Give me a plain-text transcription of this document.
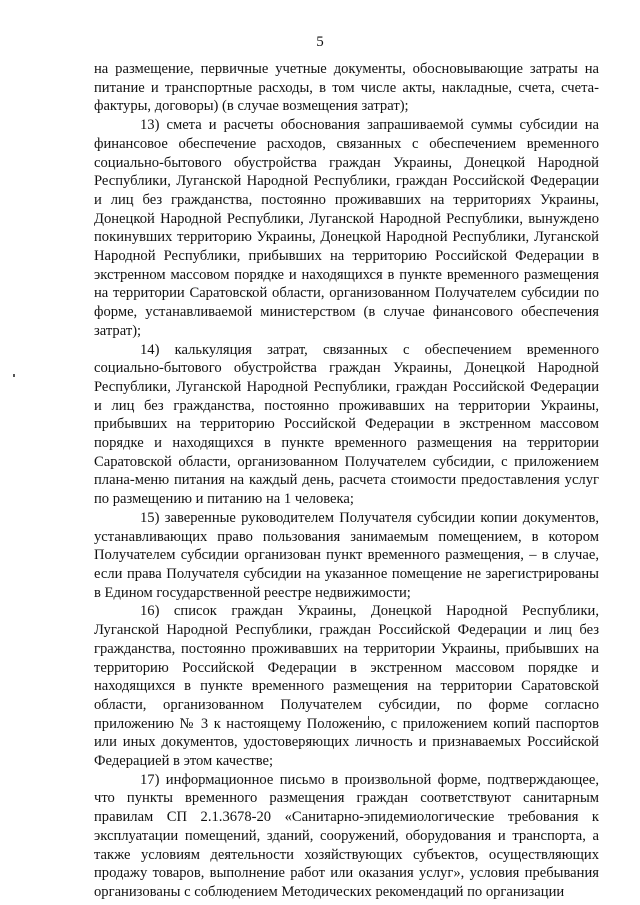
5

на размещение, первичные учетные документы, обосновывающие затраты на питание и транспортные расходы, в том числе акты, накладные, счета, счета-фактуры, договоры) (в случае возмещения затрат);

13) смета и расчеты обоснования запрашиваемой суммы субсидии на финансовое обеспечение расходов, связанных с обеспечением временного социально-бытового обустройства граждан Украины, Донецкой Народной Республики, Луганской Народной Республики, граждан Российской Федерации и лиц без гражданства, постоянно проживавших на территориях Украины, Донецкой Народной Республики, Луганской Народной Республики, вынуждено покинувших территорию Украины, Донецкой Народной Республики, Луганской Народной Республики, прибывших на территорию Российской Федерации в экстренном массовом порядке и находящихся в пункте временного размещения на территории Саратовской области, организованном Получателем субсидии по форме, устанавливаемой министерством (в случае финансового обеспечения затрат);

14) калькуляция затрат, связанных с обеспечением временного социально-бытового обустройства граждан Украины, Донецкой Народной Республики, Луганской Народной Республики, граждан Российской Федерации и лиц без гражданства, постоянно проживавших на территории Украины, прибывших на территорию Российской Федерации в экстренном массовом порядке и находящихся в пункте временного размещения на территории Саратовской области, организованном Получателем субсидии, с приложением плана-меню питания на каждый день, расчета стоимости предоставления услуг по размещению и питанию на 1 человека;

15) заверенные руководителем Получателя субсидии копии документов, устанавливающих право пользования занимаемым помещением, в котором Получателем субсидии организован пункт временного размещения, – в случае, если права Получателя субсидии на указанное помещение не зарегистрированы в Едином государственной реестре недвижимости;

16) список граждан Украины, Донецкой Народной Республики, Луганской Народной Республики, граждан Российской Федерации и лиц без гражданства, постоянно проживавших на территории Украины, прибывших на территорию Российской Федерации в экстренном массовом порядке и находящихся в пункте временного размещения на территории Саратовской области, организованном Получателем субсидии, по форме согласно приложению № 3 к настоящему Положению, с приложением копий паспортов или иных документов, удостоверяющих личность и признаваемых Российской Федерацией в этом качестве;

17) информационное письмо в произвольной форме, подтверждающее, что пункты временного размещения граждан соответствуют санитарным правилам СП 2.1.3678-20 «Санитарно-эпидемиологические требования к эксплуатации помещений, зданий, сооружений, оборудования и транспорта, а также условиям деятельности хозяйствующих субъектов, осуществляющих продажу товаров, выполнение работ или оказания услуг», условия пребывания организованы с соблюдением Методических рекомендаций по организации
